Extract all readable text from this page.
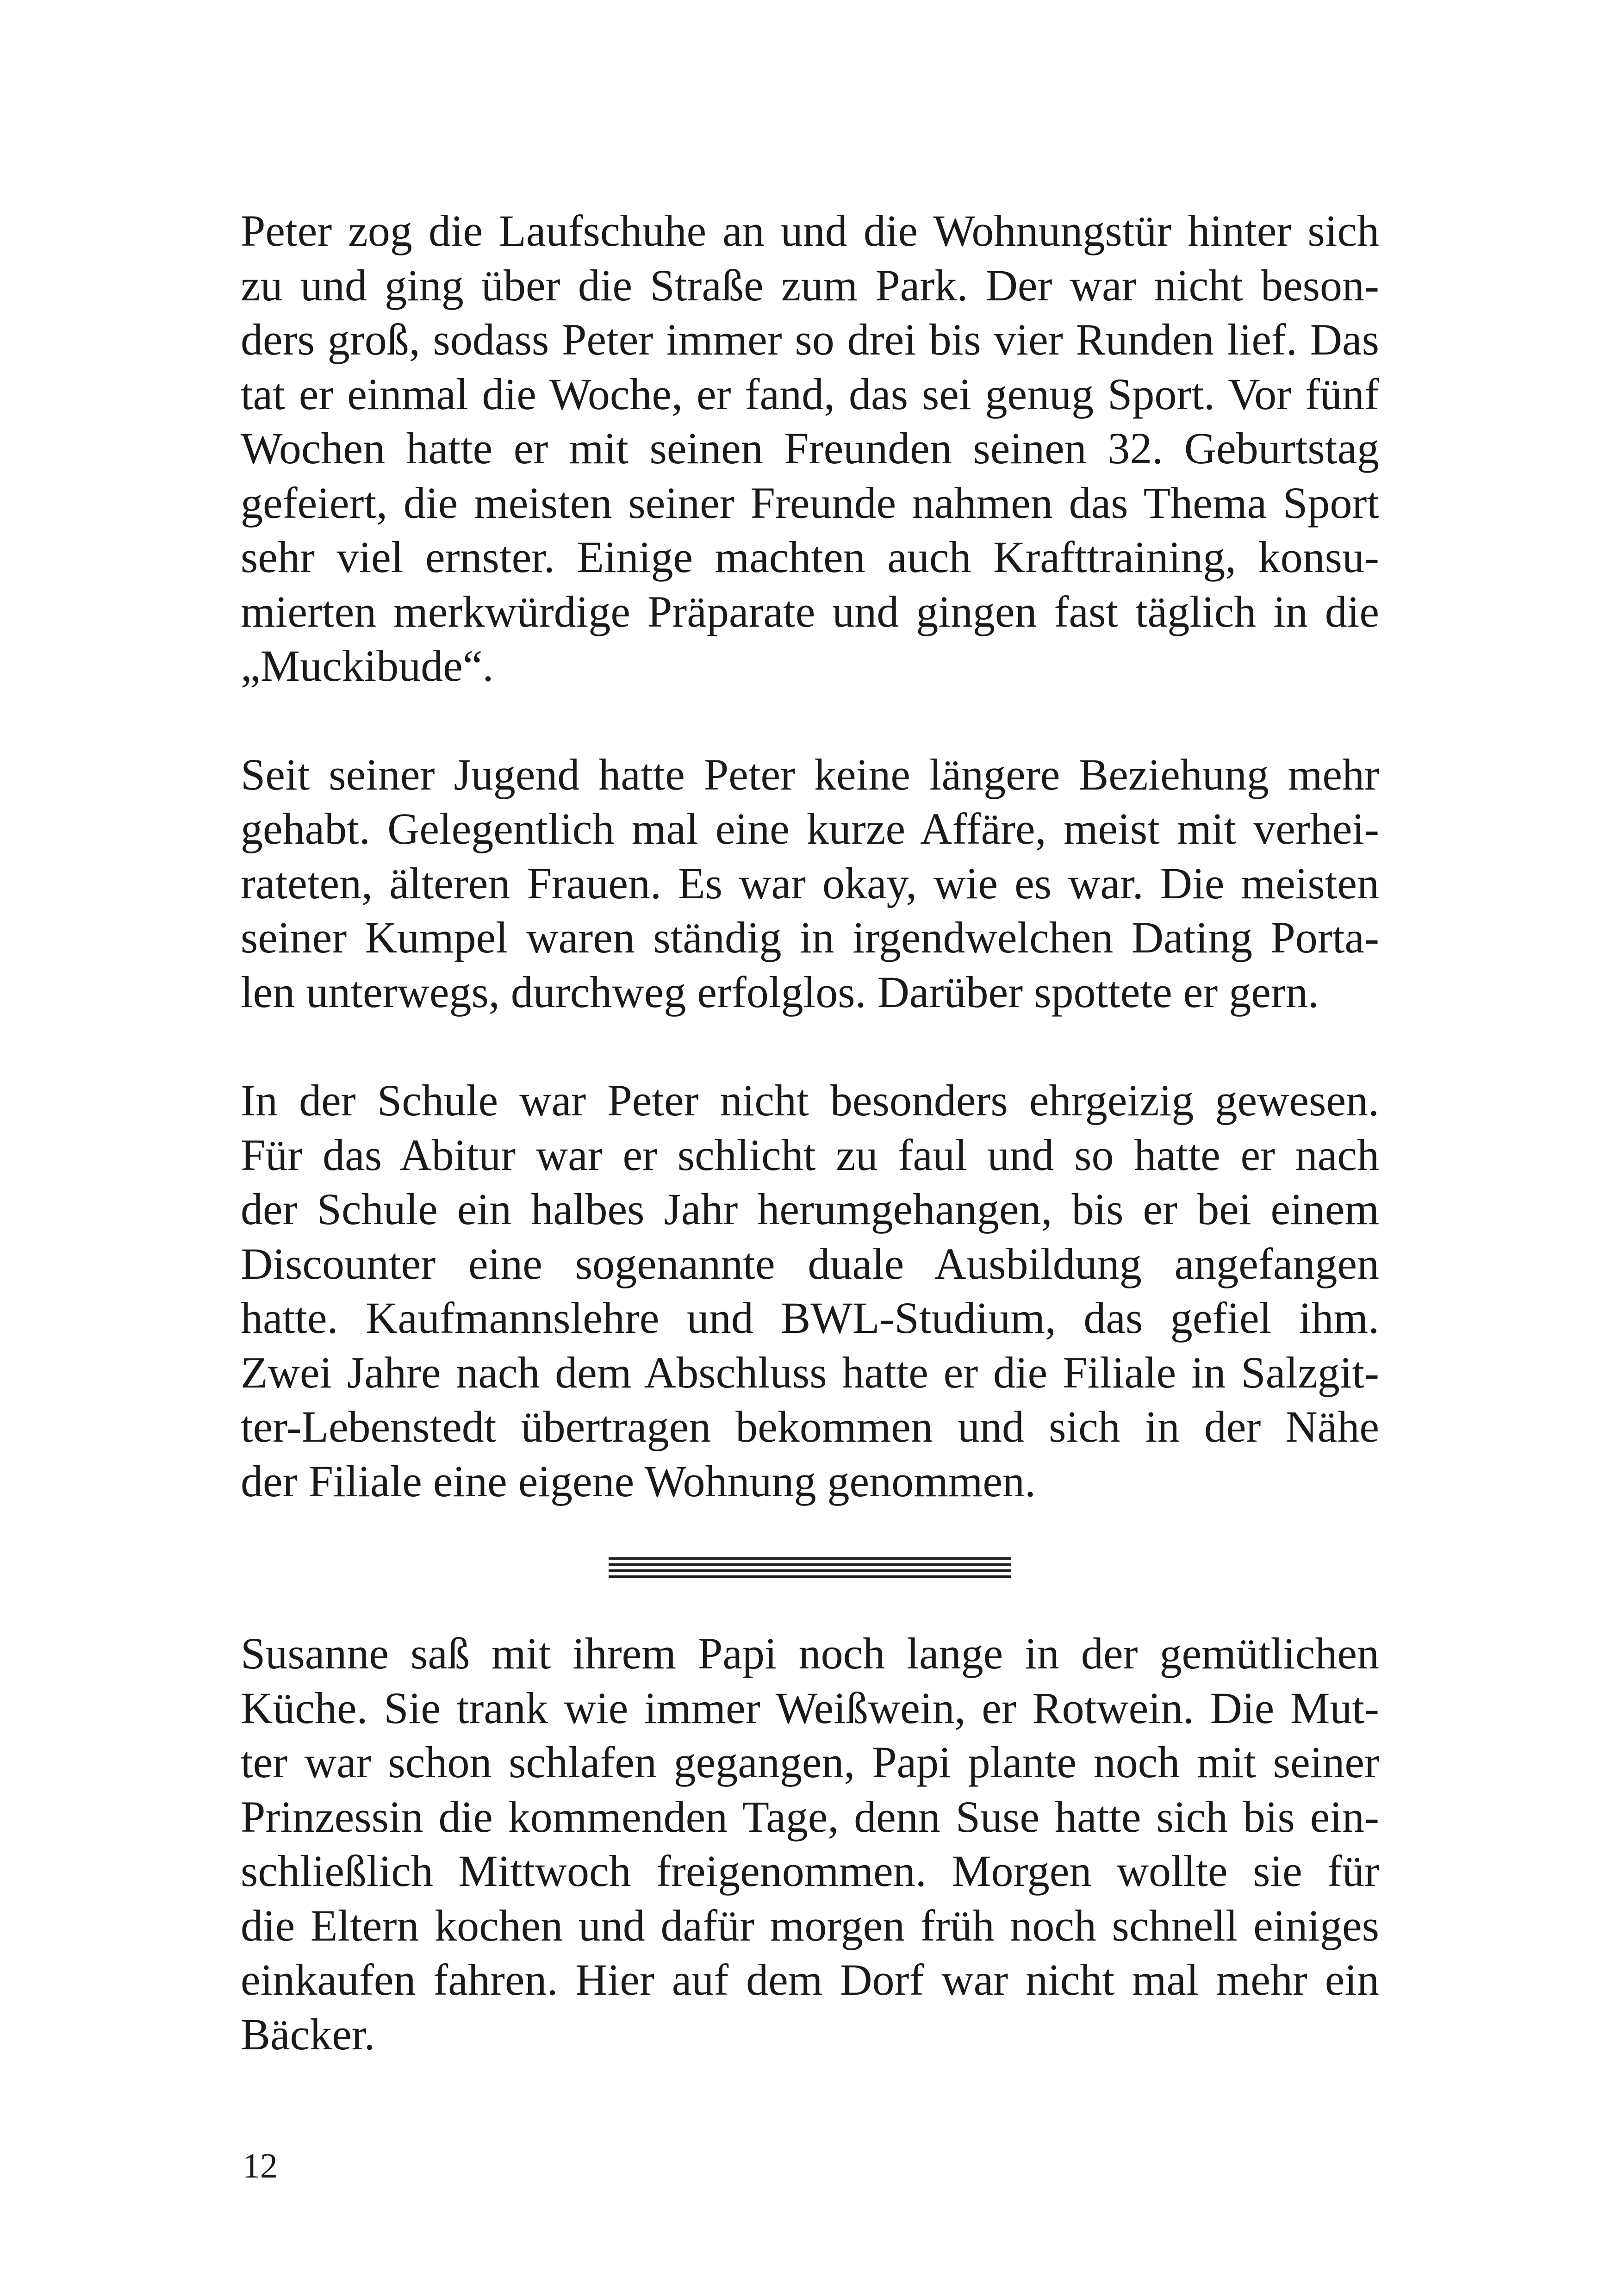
Peter zog die Laufschuhe an und die Wohnungstür hinter sich
zu und ging über die Straße zum Park. Der war nicht beson-
ders groß, sodass Peter immer so drei bis vier Runden lief. Das
tat er einmal die Woche, er fand, das sei genug Sport. Vor fünf
Wochen hatte er mit seinen Freunden seinen 32. Geburtstag
gefeiert, die meisten seiner Freunde nahmen das Thema Sport
sehr viel ernster. Einige machten auch Krafttraining, konsu-
mierten merkwürdige Präparate und gingen fast täglich in die
„Muckibude“.

Seit seiner Jugend hatte Peter keine längere Beziehung mehr
gehabt. Gelegentlich mal eine kurze Affäre, meist mit verhei-
rateten, älteren Frauen. Es war okay, wie es war. Die meisten
seiner Kumpel waren ständig in irgendwelchen Dating Porta-
len unterwegs, durchweg erfolglos. Darüber spottete er gern.

In der Schule war Peter nicht besonders ehrgeizig gewesen.
Für das Abitur war er schlicht zu faul und so hatte er nach
der Schule ein halbes Jahr herumgehangen, bis er bei einem
Discounter eine sogenannte duale Ausbildung angefangen
hatte. Kaufmannslehre und BWL-Studium, das gefiel ihm.
Zwei Jahre nach dem Abschluss hatte er die Filiale in Salzgit-
ter-Lebenstedt übertragen bekommen und sich in der Nähe
der Filiale eine eigene Wohnung genommen.

Susanne saß mit ihrem Papi noch lange in der gemütlichen
Küche. Sie trank wie immer Weißwein, er Rotwein. Die Mut-
ter war schon schlafen gegangen, Papi plante noch mit seiner
Prinzessin die kommenden Tage, denn Suse hatte sich bis ein-
schließlich Mittwoch freigenommen. Morgen wollte sie für
die Eltern kochen und dafür morgen früh noch schnell einiges
einkaufen fahren. Hier auf dem Dorf war nicht mal mehr ein
Bäcker.

12
